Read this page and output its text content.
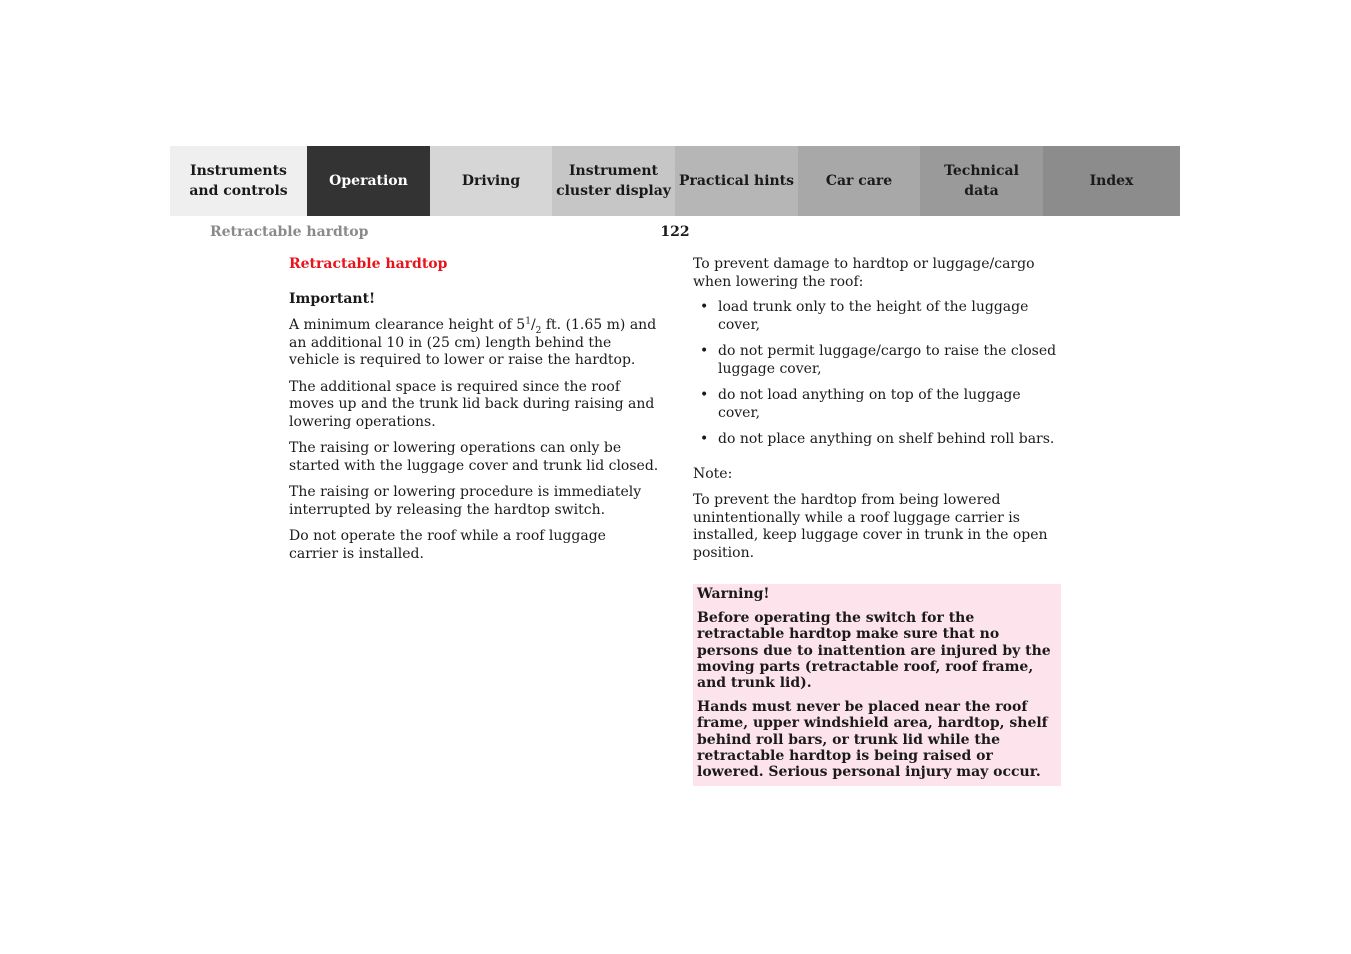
Instruments
and controls
Operation	Driving
Instrument
cluster display
Practical hints Car care
Technical
data
Index
Retractable hardtop	122
Retractable hardtop
Important!

A minimum clearance height of $5^1/_2$ ft. (1.65 m) and an additional 10 in (25 cm) length behind the vehicle is required to lower or raise the hardtop.

The additional space is required since the roof moves up and the trunk lid back during raising and lowering operations.

The raising or lowering operations can only be started with the luggage cover and trunk lid closed.

The raising or lowering procedure is immediately interrupted by releasing the hardtop switch.

Do not operate the roof while a roof luggage carrier is installed.

To prevent damage to hardtop or luggage/cargo when lowering the roof:

• load trunk only to the height of the luggage cover,
• do not permit luggage/cargo to raise the closed luggage cover,
• do not load anything on top of the luggage cover,
• do not place anything on shelf behind roll bars.

Note:

To prevent the hardtop from being lowered unintentionally while a roof luggage carrier is installed, keep luggage cover in trunk in the open position.

Warning!
Before operating the switch for the retractable hardtop make sure that no persons due to inattention are injured by the moving parts (retractable roof, roof frame, and trunk lid).
Hands must never be placed near the roof frame, upper windshield area, hardtop, shelf behind roll bars, or trunk lid while the retractable hardtop is being raised or lowered. Serious personal injury may occur.
